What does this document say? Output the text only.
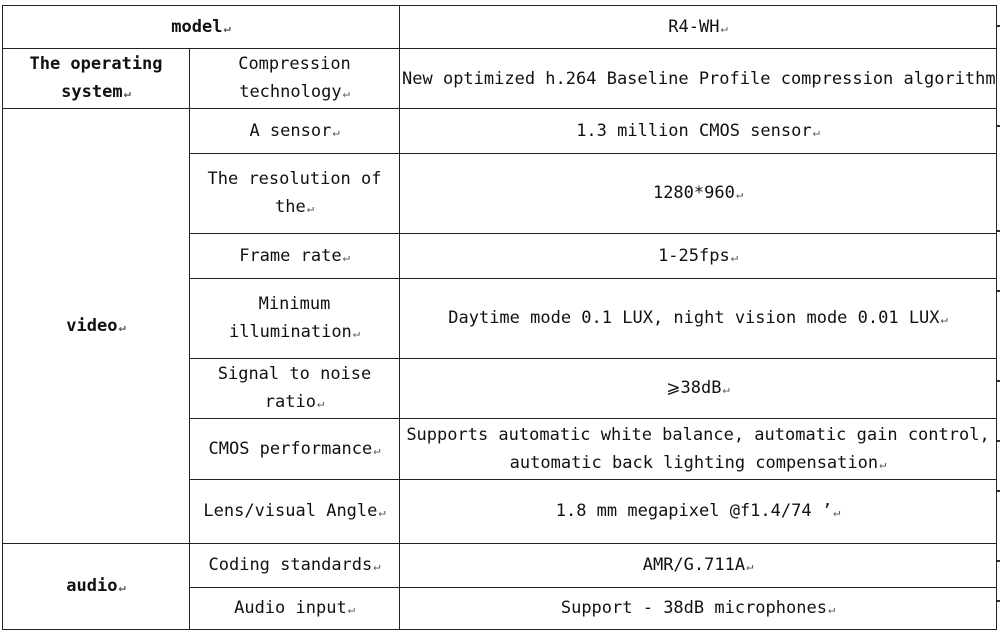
model↵		R4-WH↵
The operating system↵	Compression technology↵	New optimized h.264 Baseline Profile compression algorithm
video↵	A sensor↵	1.3 million CMOS sensor↵
	The resolution of the↵	1280*960↵
	Frame rate↵	1-25fps↵
	Minimum illumination↵	Daytime mode 0.1 LUX, night vision mode 0.01 LUX↵
	Signal to noise ratio↵	⩾38dB↵
	CMOS performance↵	Supports automatic white balance, automatic gain control, automatic back lighting compensation↵
	Lens/visual Angle↵	1.8 mm megapixel @f1.4/74 ’↵
audio↵	Coding standards↵	AMR/G.711A↵
	Audio input↵	Support - 38dB microphones↵
